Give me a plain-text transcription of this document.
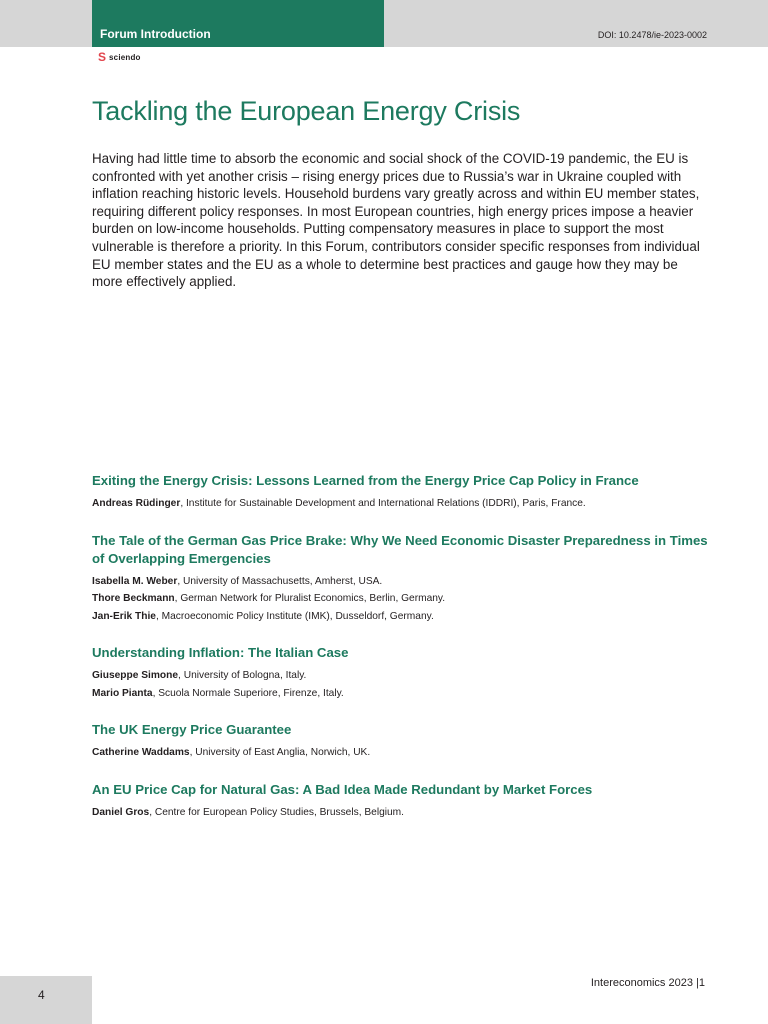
Forum Introduction	DOI: 10.2478/ie-2023-0002
S sciendo
Tackling the European Energy Crisis

Having had little time to absorb the economic and social shock of the COVID-19 pandemic, the EU is confronted with yet another crisis – rising energy prices due to Russia’s war in Ukraine coupled with inflation reaching historic levels. Household burdens vary greatly across and within EU member states, requiring different policy responses. In most European countries, high energy prices impose a heavier burden on low-income households. Putting compensatory measures in place to support the most vulnerable is therefore a priority. In this Forum, contributors consider specific responses from individual EU member states and the EU as a whole to determine best practices and gauge how they may be more effectively applied.

Exiting the Energy Crisis: Lessons Learned from the Energy Price Cap Policy in France
Andreas Rüdinger, Institute for Sustainable Development and International Relations (IDDRI), Paris, France.
The Tale of the German Gas Price Brake: Why We Need Economic Disaster Preparedness in Times of Overlapping Emergencies
Isabella M. Weber, University of Massachusetts, Amherst, USA.
Thore Beckmann, German Network for Pluralist Economics, Berlin, Germany.
Jan-Erik Thie, Macroeconomic Policy Institute (IMK), Dusseldorf, Germany.
Understanding Inflation: The Italian Case
Giuseppe Simone, University of Bologna, Italy.
Mario Pianta, Scuola Normale Superiore, Firenze, Italy.
The UK Energy Price Guarantee
Catherine Waddams, University of East Anglia, Norwich, UK.
An EU Price Cap for Natural Gas: A Bad Idea Made Redundant by Market Forces
Daniel Gros, Centre for European Policy Studies, Brussels, Belgium.
4
Intereconomics 2023 |1
